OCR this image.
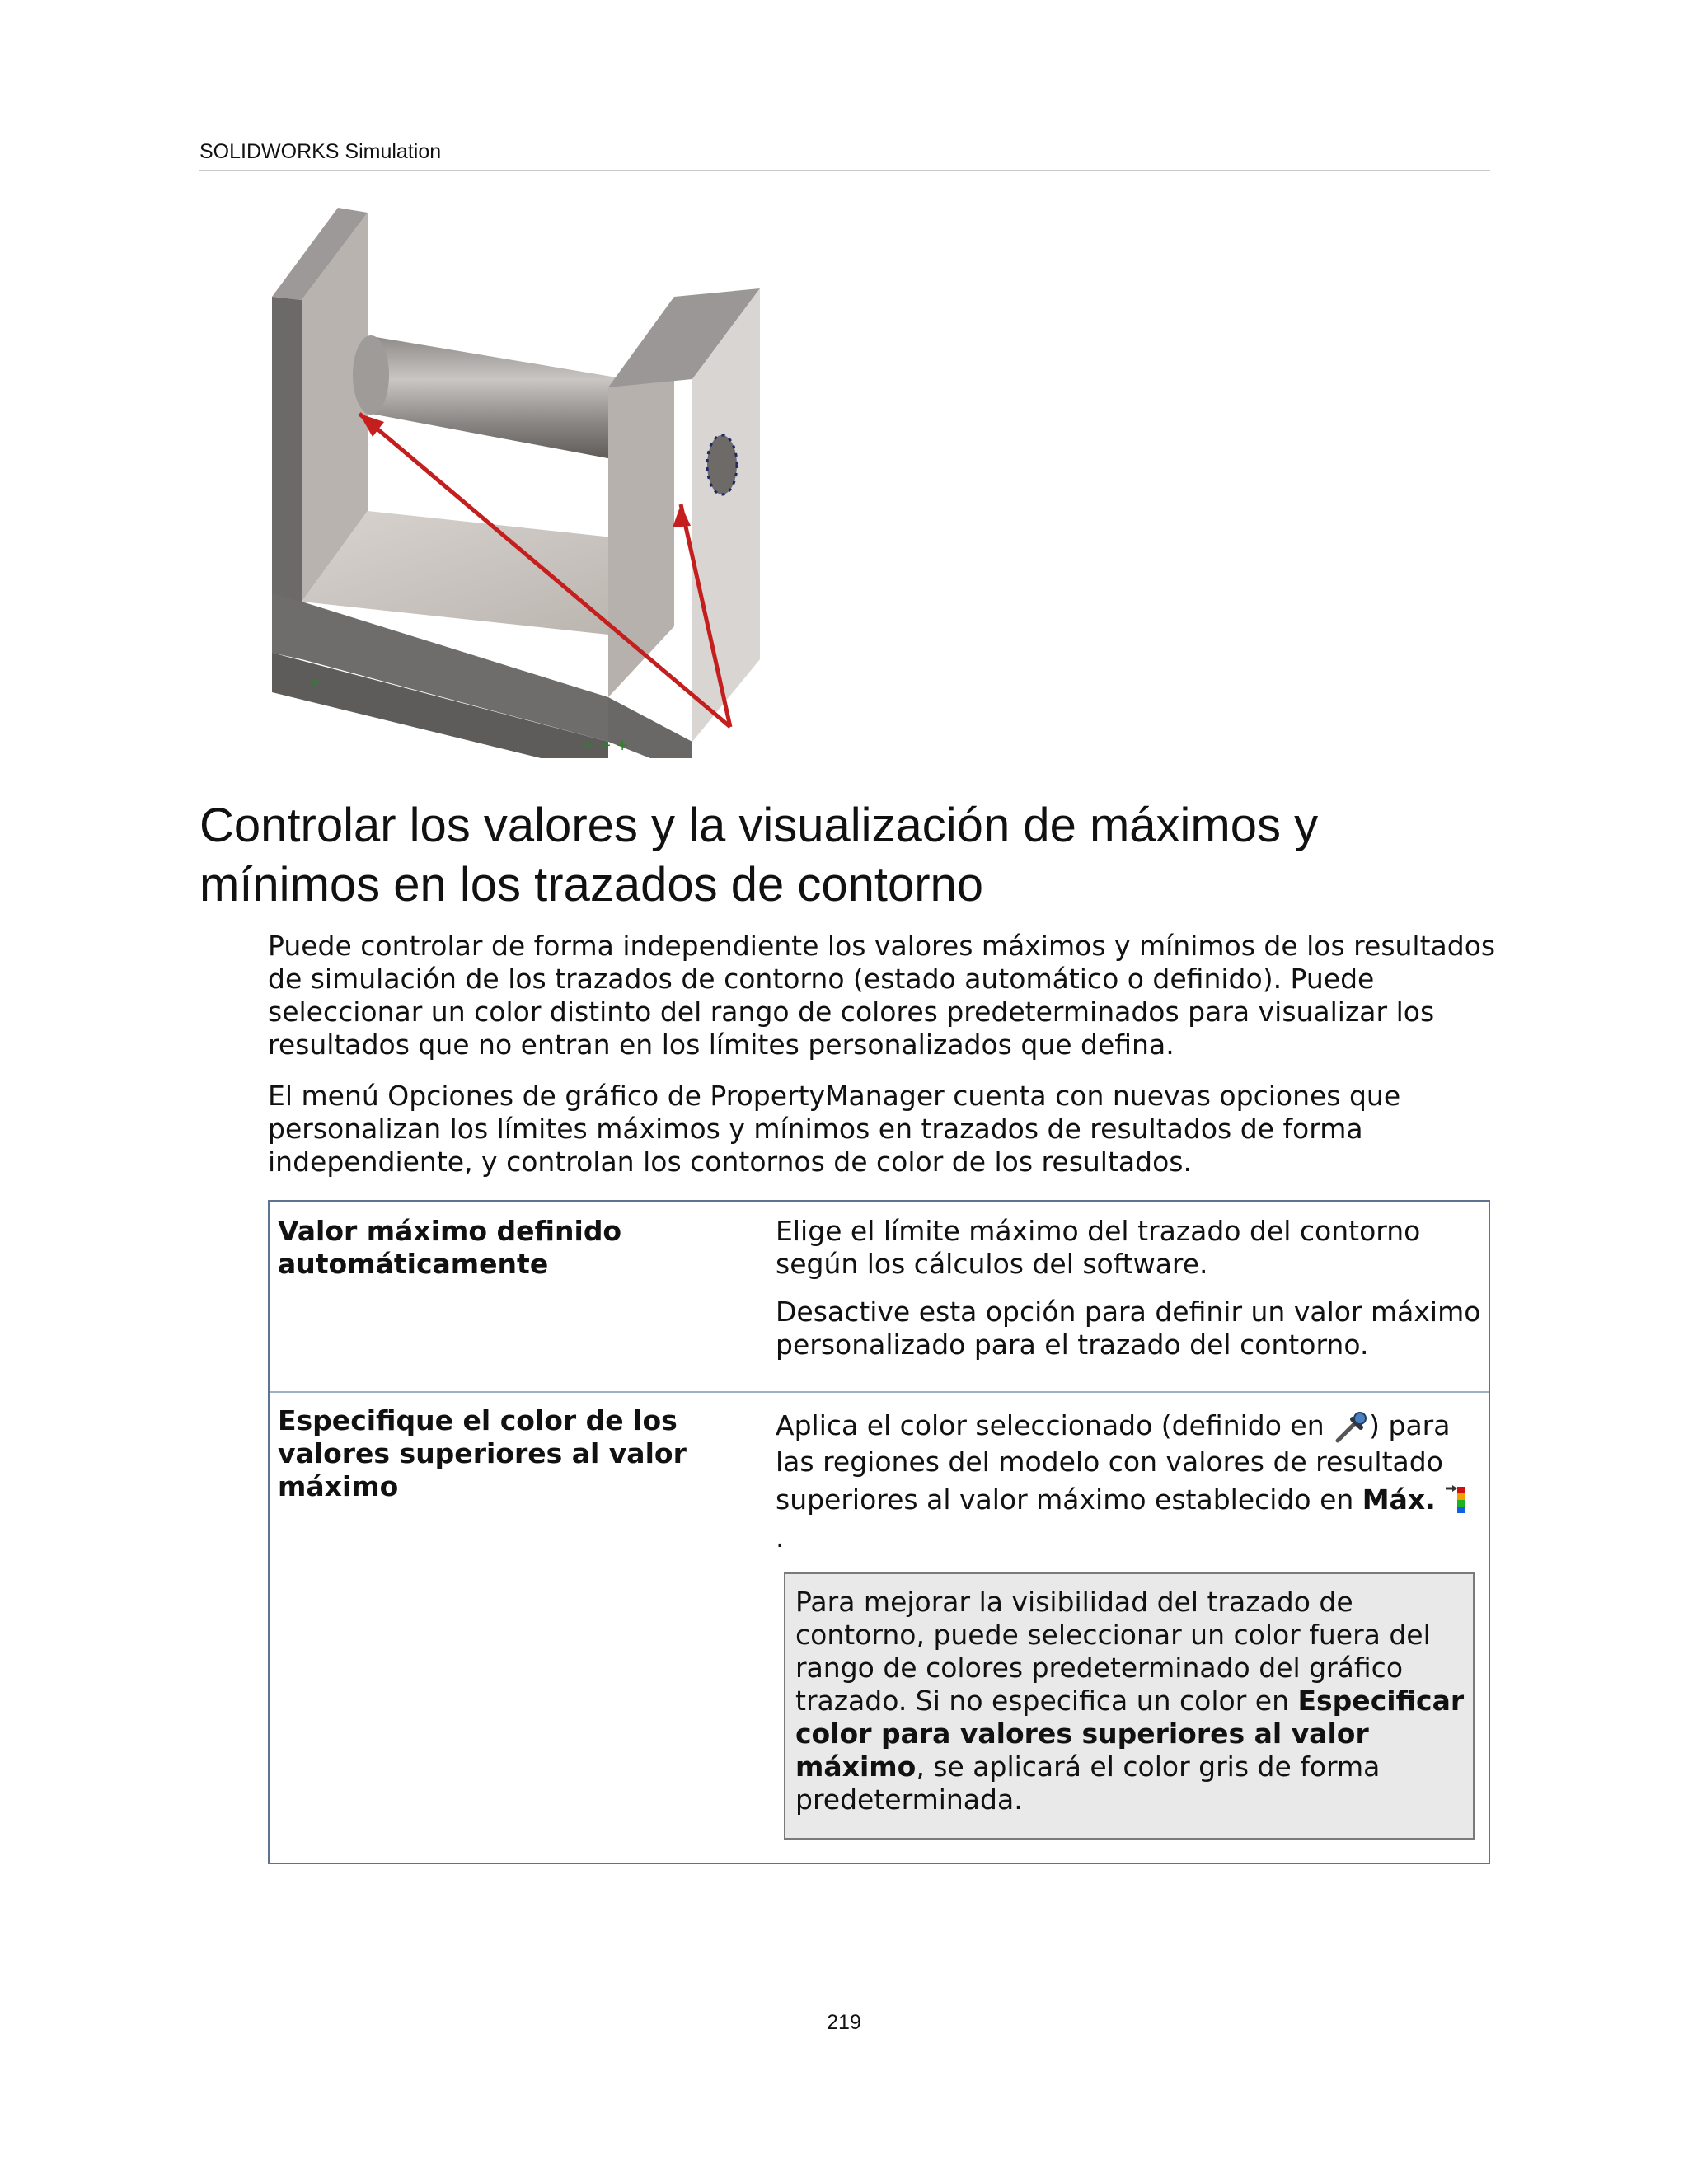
SOLIDWORKS Simulation
+
+ + +
Controlar los valores y la visualización de máximos y
mínimos en los trazados de contorno
Puede controlar de forma independiente los valores máximos y mínimos de los resultados
de simulación de los trazados de contorno (estado automático o definido). Puede
seleccionar un color distinto del rango de colores predeterminados para visualizar los
resultados que no entran en los límites personalizados que defina.
El menú Opciones de gráfico de PropertyManager cuenta con nuevas opciones que
personalizan los límites máximos y mínimos en trazados de resultados de forma
independiente, y controlan los contornos de color de los resultados.
Valor máximo definido
automáticamente
Elige el límite máximo del trazado del contorno
según los cálculos del software.
Desactive esta opción para definir un valor máximo
personalizado para el trazado del contorno.
Especifique el color de los
valores superiores al valor
máximo
Aplica el color seleccionado (definido en ) para
las regiones del modelo con valores de resultado
superiores al valor máximo establecido en Máx.
.
Para mejorar la visibilidad del trazado de
contorno, puede seleccionar un color fuera del
rango de colores predeterminado del gráfico
trazado. Si no especifica un color en Especificar
color para valores superiores al valor
máximo, se aplicará el color gris de forma
predeterminada.
219
